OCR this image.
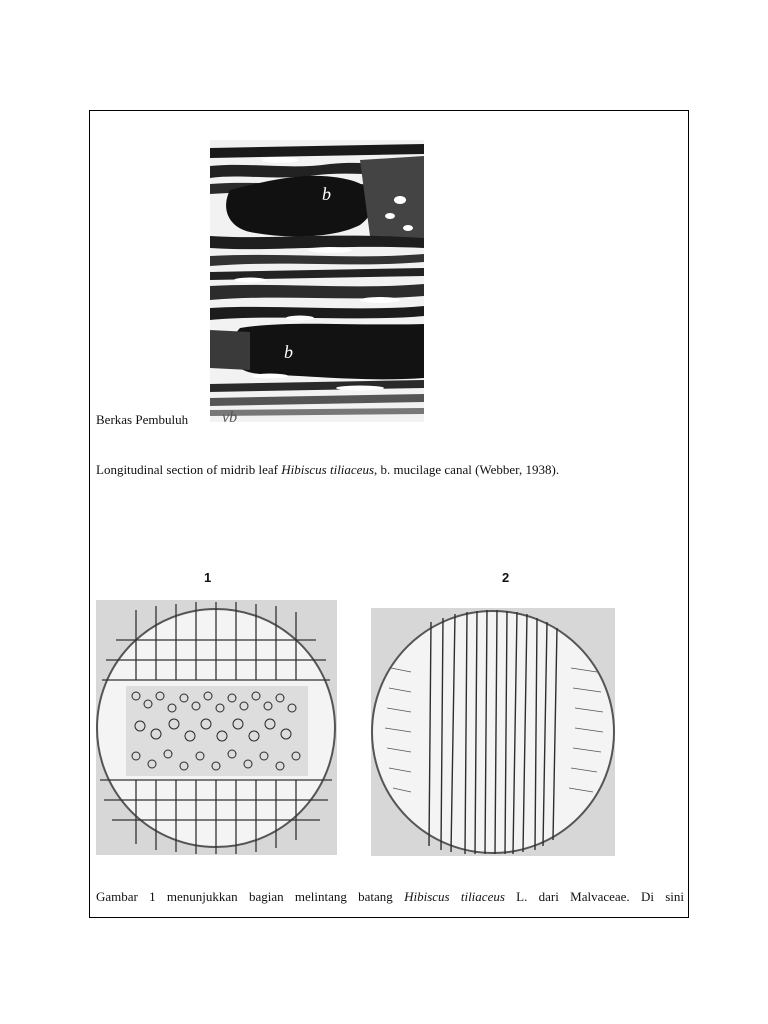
b
b
vb
Berkas Pembuluh
Longitudinal section of midrib leaf Hibiscus tiliaceus, b. mucilage canal (Webber, 1938).
1	2
Gambar 1 menunjukkan bagian melintang batang Hibiscus tiliaceus L. dari Malvaceae. Di sini
